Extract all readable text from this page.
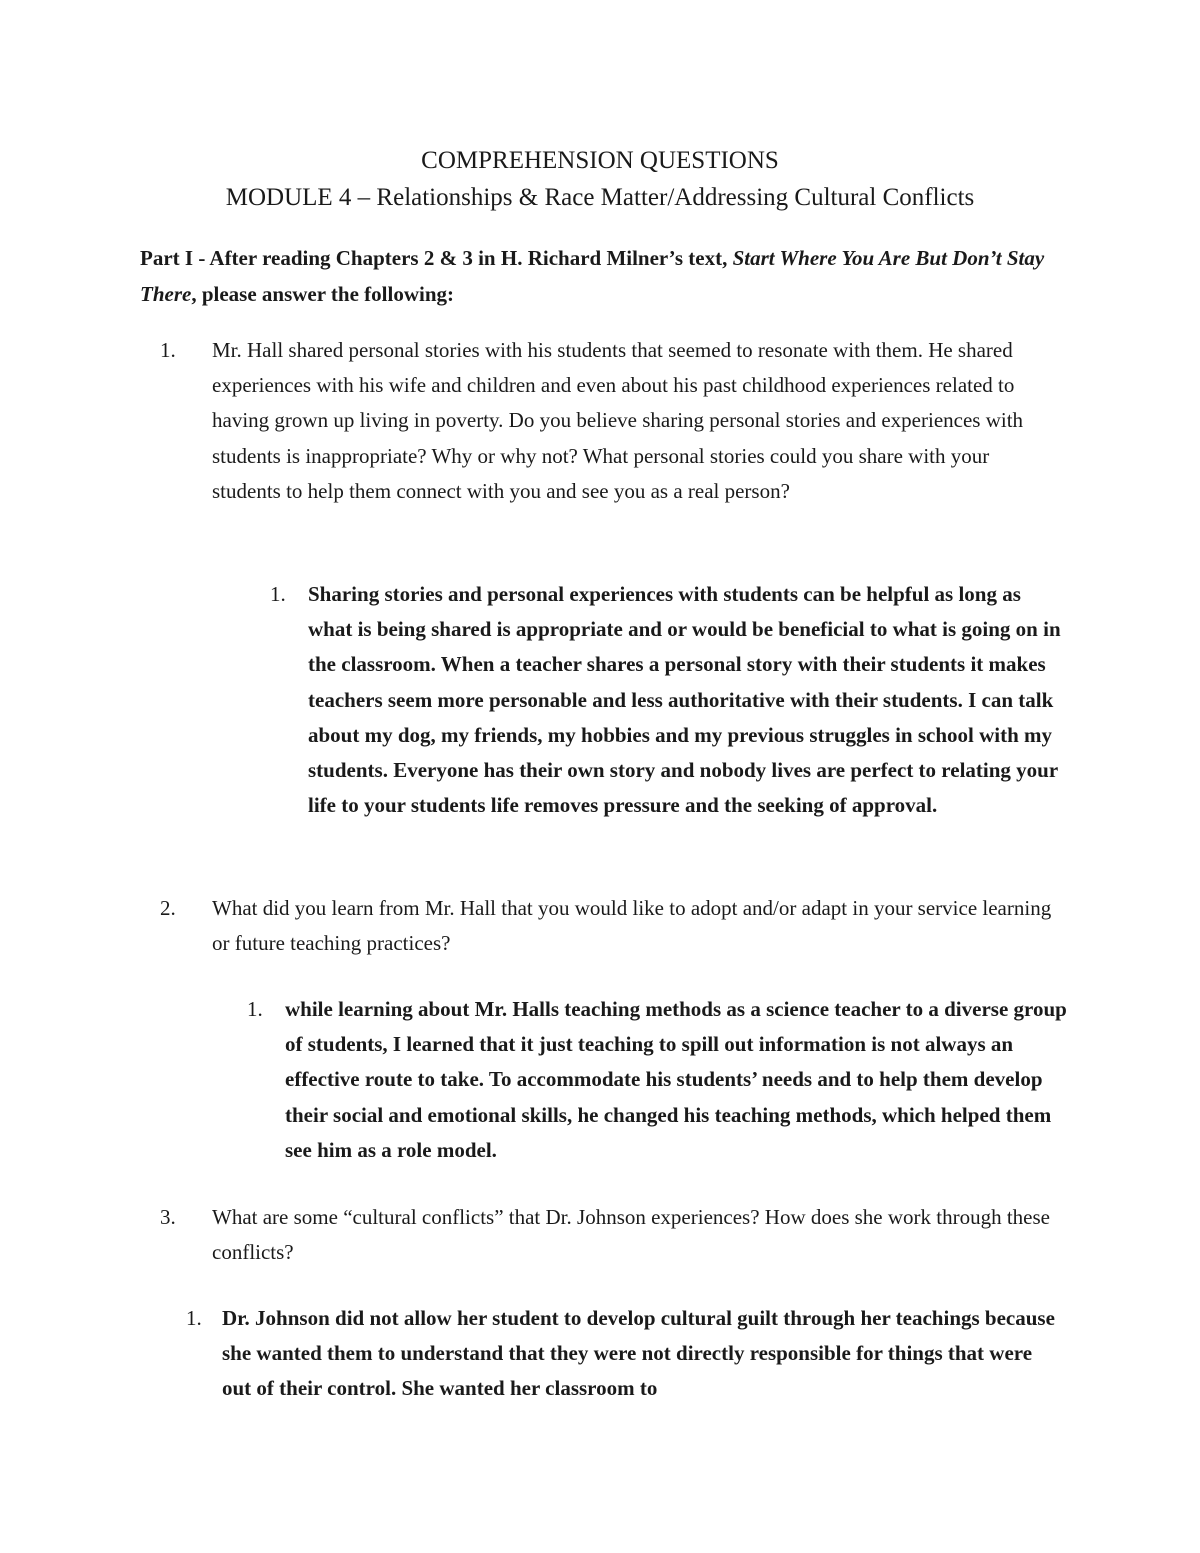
COMPREHENSION QUESTIONS
MODULE 4 – Relationships & Race Matter/Addressing Cultural Conflicts
Part I - After reading Chapters 2 & 3 in H. Richard Milner’s text, Start Where You Are But Don’t Stay There, please answer the following:
1.	Mr. Hall shared personal stories with his students that seemed to resonate with them. He shared experiences with his wife and children and even about his past childhood experiences related to having grown up living in poverty. Do you believe sharing personal stories and experiences with students is inappropriate? Why or why not? What personal stories could you share with your students to help them connect with you and see you as a real person?
1. Sharing stories and personal experiences with students can be helpful as long as what is being shared is appropriate and or would be beneficial to what is going on in the classroom. When a teacher shares a personal story with their students it makes teachers seem more personable and less authoritative with their students. I can talk about my dog, my friends, my hobbies and my previous struggles in school with my students. Everyone has their own story and nobody lives are perfect to relating your life to your students life removes pressure and the seeking of approval.
2.	What did you learn from Mr. Hall that you would like to adopt and/or adapt in your service learning or future teaching practices?
1. while learning about Mr. Halls teaching methods as a science teacher to a diverse group of students, I learned that it just teaching to spill out information is not always an effective route to take. To accommodate his students’ needs and to help them develop their social and emotional skills, he changed his teaching methods, which helped them see him as a role model.
3.	What are some “cultural conflicts” that Dr. Johnson experiences? How does she work through these conflicts?
1. Dr. Johnson did not allow her student to develop cultural guilt through her teachings because she wanted them to understand that they were not directly responsible for things that were out of their control. She wanted her classroom to
